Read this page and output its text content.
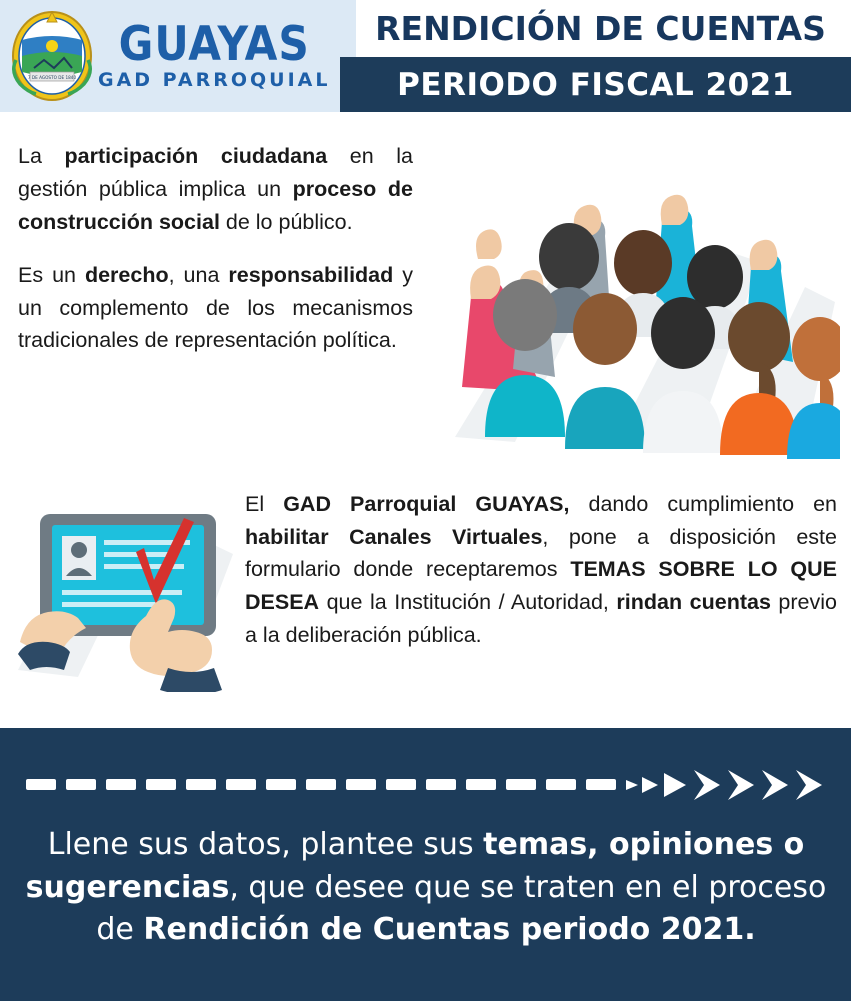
7 DE AGOSTO DE 1840
GUAYAS
GAD PARROQUIAL
RENDICIÓN DE CUENTAS
PERIODO FISCAL 2021

La participación ciudadana en la gestión pública implica un proceso de construcción social de lo público.

Es un derecho, una responsabilidad y un complemento de los mecanismos tradicionales de representación política.

El GAD Parroquial GUAYAS, dando cumplimiento en habilitar Canales Virtuales, pone a disposición este formulario donde receptaremos TEMAS SOBRE LO QUE DESEA que la Institución / Autoridad, rindan cuentas previo a la deliberación pública.
Llene sus datos, plantee sus temas, opiniones o sugerencias, que desee que se traten en el proceso de Rendición de Cuentas periodo 2021.
